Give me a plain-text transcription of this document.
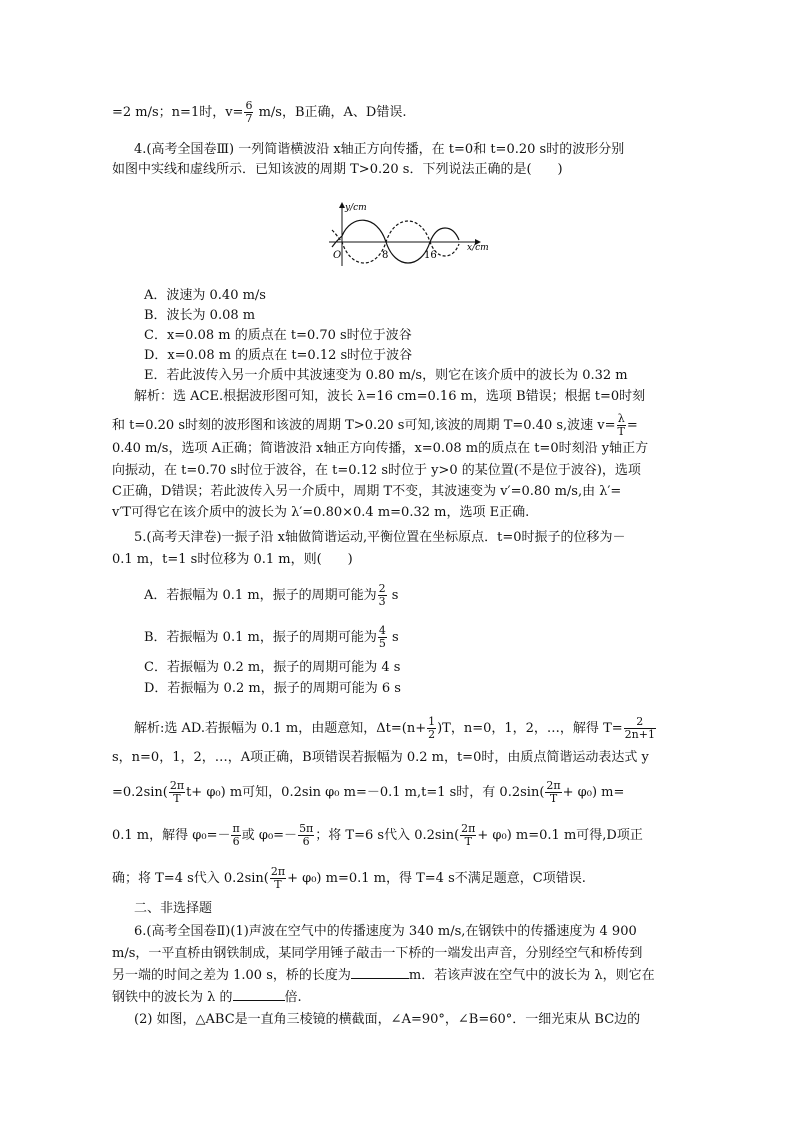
=2 m/s；n=1时，$v= \frac{6}{7} m/s$，B正确，A、D错误.
4.(高考全国卷Ⅲ) 一列简谐横波沿 x轴正方向传播，在 t=0和 t=0.20 s时的波形分别
如图中实线和虚线所示．已知该波的周期 T>0.20 s．下列说法正确的是(　　)
y/cm
x/cm
O	8	16
A．波速为 0.40 m/s
B．波长为 0.08 m
C．x=0.08 m 的质点在 t=0.70 s时位于波谷
D．x=0.08 m 的质点在 t=0.12 s时位于波谷
E．若此波传入另一介质中其波速变为 0.80 m/s，则它在该介质中的波长为 0.32 m
解析：选 ACE.根据波形图可知，波长 λ=16 cm=0.16 m，选项 B错误；根据 t=0时刻
和 t=0.20 s时刻的波形图和该波的周期 T>0.20 s可知,该波的周期 T=0.40 s,波速 $v= \frac{\lambda}{T}$ =
0.40 m/s，选项 A正确；简谐波沿 x轴正方向传播，x=0.08 m的质点在 t=0时刻沿 y轴正方
向振动，在 t=0.70 s时位于波谷，在 t=0.12 s时位于 y>0 的某位置(不是位于波谷)，选项
C正确，D错误；若此波传入另一介质中，周期 T不变，其波速变为 v′=0.80 m/s,由 λ′=
v′T可得它在该介质中的波长为 λ′=0.80×0.4 m=0.32 m，选项 E正确.
5.(高考天津卷)一振子沿 x轴做简谐运动,平衡位置在坐标原点．t=0时振子的位移为－
0.1 m，t=1 s时位移为 0.1 m，则(　　)
A．若振幅为 0.1 m，振子的周期可能为 $\frac{2}{3}$ s
B．若振幅为 0.1 m，振子的周期可能为 $\frac{4}{5}$ s
C．若振幅为 0.2 m，振子的周期可能为 4 s
D．若振幅为 0.2 m，振子的周期可能为 6 s
解析:选 AD.若振幅为 0.1 m，由题意知，$\Delta t=(n+ \frac{1}{2} )T$，n=0，1，2，…，解得 $T= \frac{2}{2n+1}$
s，n=0，1，2，…，A项正确，B项错误若振幅为 0.2 m，t=0时，由质点简谐运动表达式 y
$=0.2\sin( \frac{2\pi}{T} t+ \varphi_0)$ m可知，0.2sin φ₀ m=－0.1 m,t=1 s时，有 $0.2\sin( \frac{2\pi}{T} + \varphi_0)$ m=
0.1 m，解得 $\varphi_0=- \frac{\pi}{6}$ 或 $\varphi_0=- \frac{5\pi}{6}$ ；将 T=6 s代入 $0.2\sin( \frac{2\pi}{T} + \varphi_0)$ m=0.1 m可得,D项正
确；将 T=4 s代入 $0.2\sin( \frac{2\pi}{T} + \varphi_0)$ m=0.1 m，得 T=4 s不满足题意，C项错误.
二、非选择题
6.(高考全国卷Ⅱ)(1)声波在空气中的传播速度为 340 m/s,在钢铁中的传播速度为 4 900
m/s，一平直桥由钢铁制成，某同学用锤子敲击一下桥的一端发出声音，分别经空气和桥传到
另一端的时间之差为 1.00 s，桥的长度为	m．若该声波在空气中的波长为 λ，则它在
钢铁中的波长为 λ 的	倍.
(2) 如图，△ABC是一直角三棱镜的横截面，∠A=90°，∠B=60°．一细光束从 BC边的
